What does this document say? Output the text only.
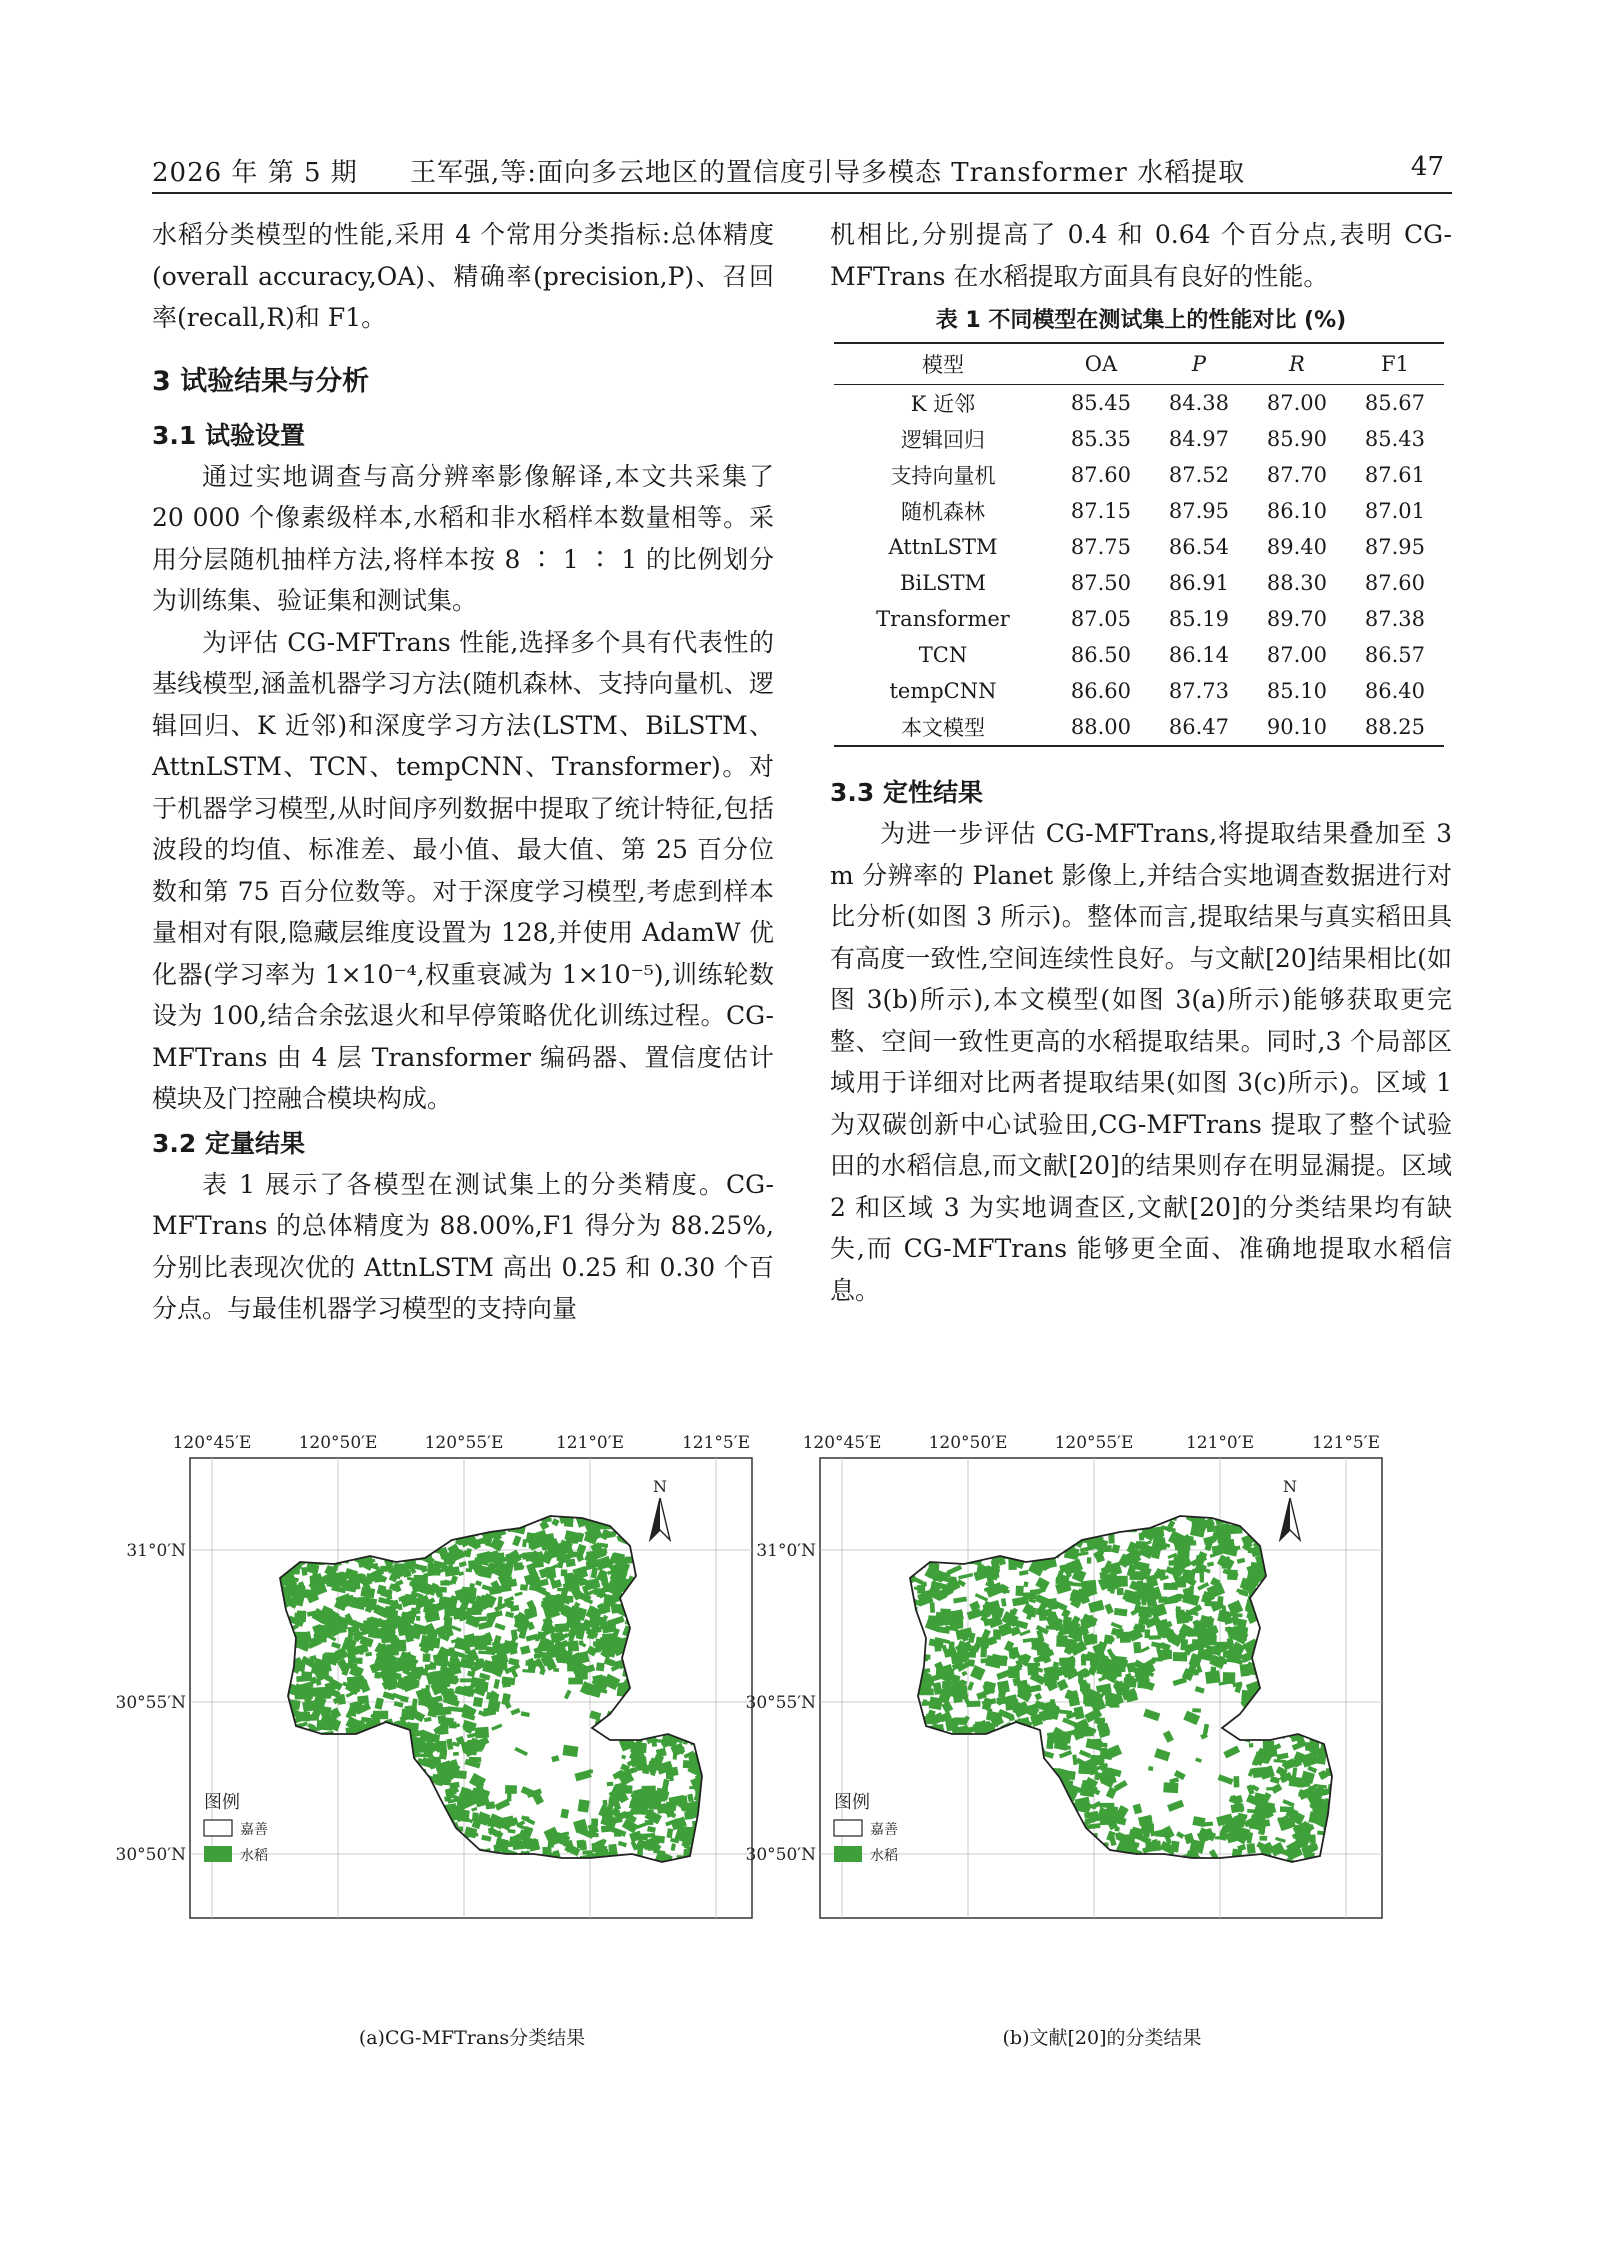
2026 年 第 5 期 王军强,等:面向多云地区的置信度引导多模态 Transformer 水稻提取	47

水稻分类模型的性能,采用 4 个常用分类指标:总体精度(overall accuracy,OA)、精确率(precision,P)、召回率(recall,R)和 F1。

3 试验结果与分析
3.1 试验设置

通过实地调查与高分辨率影像解译,本文共采集了 20 000 个像素级样本,水稻和非水稻样本数量相等。采用分层随机抽样方法,将样本按 8 ∶ 1 ∶ 1 的比例划分为训练集、验证集和测试集。

为评估 CG-MFTrans 性能,选择多个具有代表性的基线模型,涵盖机器学习方法(随机森林、支持向量机、逻辑回归、K 近邻)和深度学习方法(LSTM、BiLSTM、AttnLSTM、TCN、tempCNN、Transformer)。对于机器学习模型,从时间序列数据中提取了统计特征,包括波段的均值、标准差、最小值、最大值、第 25 百分位数和第 75 百分位数等。对于深度学习模型,考虑到样本量相对有限,隐藏层维度设置为 128,并使用 AdamW 优化器(学习率为 1×10⁻⁴,权重衰减为 1×10⁻⁵),训练轮数设为 100,结合余弦退火和早停策略优化训练过程。CG-MFTrans 由 4 层 Transformer 编码器、置信度估计模块及门控融合模块构成。

3.2 定量结果

表 1 展示了各模型在测试集上的分类精度。CG-MFTrans 的总体精度为 88.00%,F1 得分为 88.25%,分别比表现次优的 AttnLSTM 高出 0.25 和 0.30 个百分点。与最佳机器学习模型的支持向量

机相比,分别提高了 0.4 和 0.64 个百分点,表明 CG-MFTrans 在水稻提取方面具有良好的性能。

表 1 不同模型在测试集上的性能对比 (%)
模型	OA	P	R	F1
K 近邻	85.45	84.38	87.00	85.67
逻辑回归	85.35	84.97	85.90	85.43
支持向量机	87.60	87.52	87.70	87.61
随机森林	87.15	87.95	86.10	87.01
AttnLSTM	87.75	86.54	89.40	87.95
BiLSTM	87.50	86.91	88.30	87.60
Transformer	87.05	85.19	89.70	87.38
TCN	86.50	86.14	87.00	86.57
tempCNN	86.60	87.73	85.10	86.40
本文模型	88.00	86.47	90.10	88.25
3.3 定性结果

为进一步评估 CG-MFTrans,将提取结果叠加至 3 m 分辨率的 Planet 影像上,并结合实地调查数据进行对比分析(如图 3 所示)。整体而言,提取结果与真实稻田具有高度一致性,空间连续性良好。与文献[20]结果相比(如图 3(b)所示),本文模型(如图 3(a)所示)能够获取更完整、空间一致性更高的水稻提取结果。同时,3 个局部区域用于详细对比两者提取结果(如图 3(c)所示)。区域 1 为双碳创新中心试验田,CG-MFTrans 提取了整个试验田的水稻信息,而文献[20]的结果则存在明显漏提。区域 2 和区域 3 为实地调查区,文献[20]的分类结果均有缺失,而 CG-MFTrans 能够更全面、准确地提取水稻信息。

120°45′E	120°50′E	120°55′E	121°0′E	121°5′E
31°0′N
30°55′N
30°50′N
N
图例
嘉善
水稻
(a)CG-MFTrans分类结果
120°45′E	120°50′E	120°55′E	121°0′E	121°5′E
31°0′N
30°55′N
30°50′N
N
图例
嘉善
水稻
(b)文献[20]的分类结果
